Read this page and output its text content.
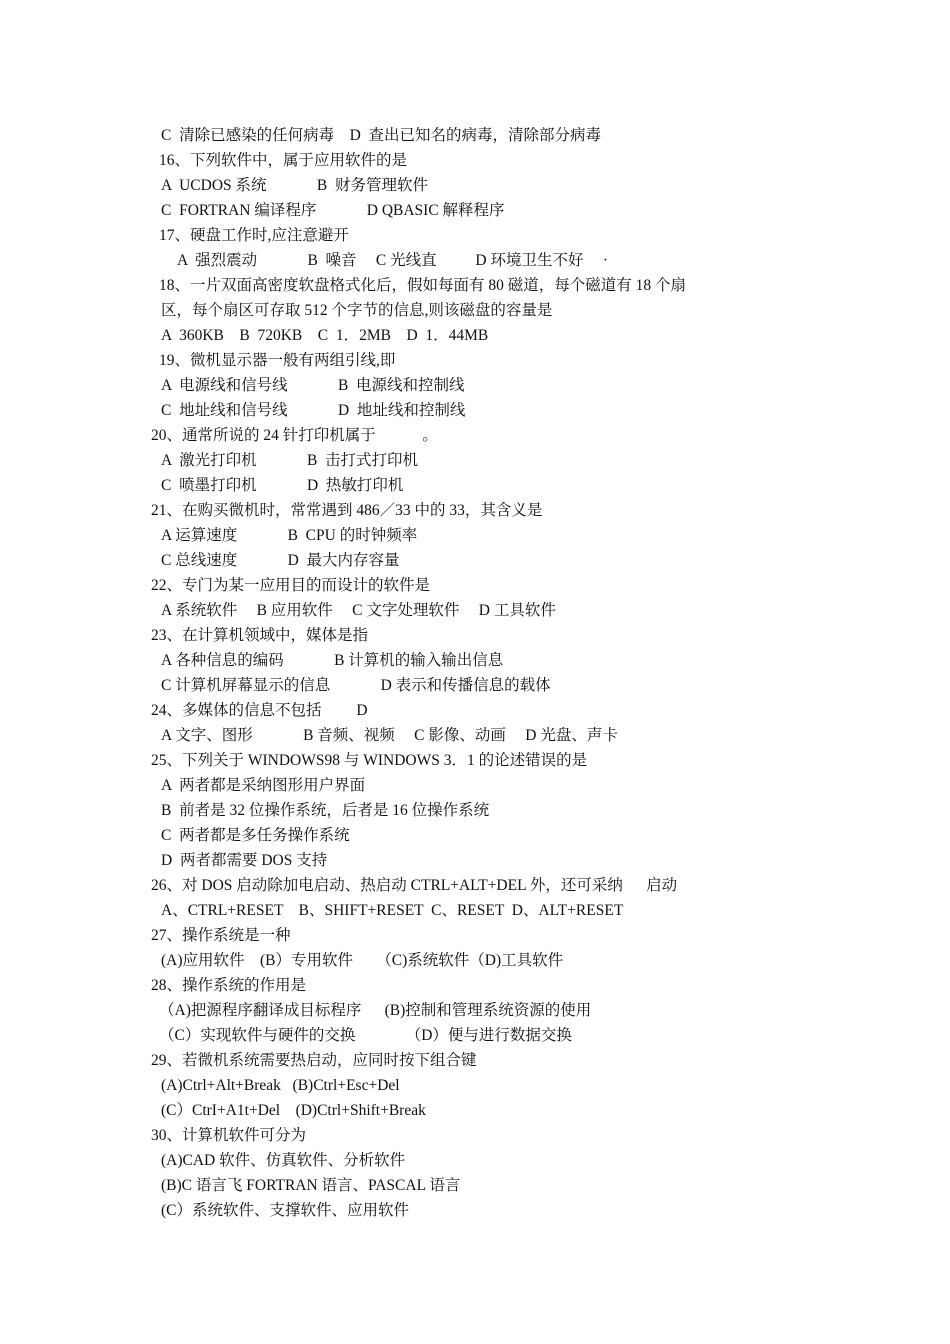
C  清除已感染的任何病毒    D  查出已知名的病毒，清除部分病毒
16、下列软件中，属于应用软件的是
A  UCDOS 系统             B  财务管理软件
C  FORTRAN 编译程序             D QBASIC 解释程序
17、硬盘工作时,应注意避开
A  强烈震动             B  噪音     C 光线直          D 环境卫生不好     ·
18、一片双面高密度软盘格式化后，假如每面有 80 磁道，每个磁道有 18 个扇
区，每个扇区可存取 512 个字节的信息,则该磁盘的容量是
A  360KB    B  720KB    C  1．2MB    D  1．44MB
19、微机显示器一般有两组引线,即
A  电源线和信号线             B  电源线和控制线
C  地址线和信号线             D  地址线和控制线
20、通常所说的 24 针打印机属于            。
A  激光打印机             B  击打式打印机
C  喷墨打印机             D  热敏打印机
21、在购买微机时，常常遇到 486／33 中的 33，其含义是
A 运算速度             B  CPU 的时钟频率
C 总线速度             D  最大内存容量
22、专门为某一应用目的而设计的软件是
A 系统软件     B 应用软件     C 文字处理软件     D 工具软件
23、在计算机领域中，媒体是指
A 各种信息的编码             B 计算机的输入输出信息
C 计算机屏幕显示的信息             D 表示和传播信息的载体
24、多媒体的信息不包括         D
A 文字、图形             B 音频、视频     C 影像、动画     D 光盘、声卡
25、下列关于 WINDOWS98 与 WINDOWS 3．1 的论述错误的是
A  两者都是采纳图形用户界面
B  前者是 32 位操作系统，后者是 16 位操作系统
C  两者都是多任务操作系统
D  两者都需要 DOS 支持
26、对 DOS 启动除加电启动、热启动 CTRL+ALT+DEL 外，还可采纳      启动
A、CTRL+RESET    B、SHIFT+RESET  C、RESET  D、ALT+RESET
27、操作系统是一种
(A)应用软件    (B）专用软件      （C)系统软件（D)工具软件
28、操作系统的作用是
（A)把源程序翻译成目标程序      (B)控制和管理系统资源的使用
（C）实现软件与硬件的交换             （D）便与进行数据交换
29、若微机系统需要热启动，应同时按下组合键
(A)Ctrl+Alt+Break   (B)Ctrl+Esc+Del
(C）CtrI+A1t+Del    (D)Ctrl+Shift+Break
30、计算机软件可分为
(A)CAD 软件、仿真软件、分析软件
(B)C 语言飞 FORTRAN 语言、PASCAL 语言
(C）系统软件、支撑软件、应用软件
